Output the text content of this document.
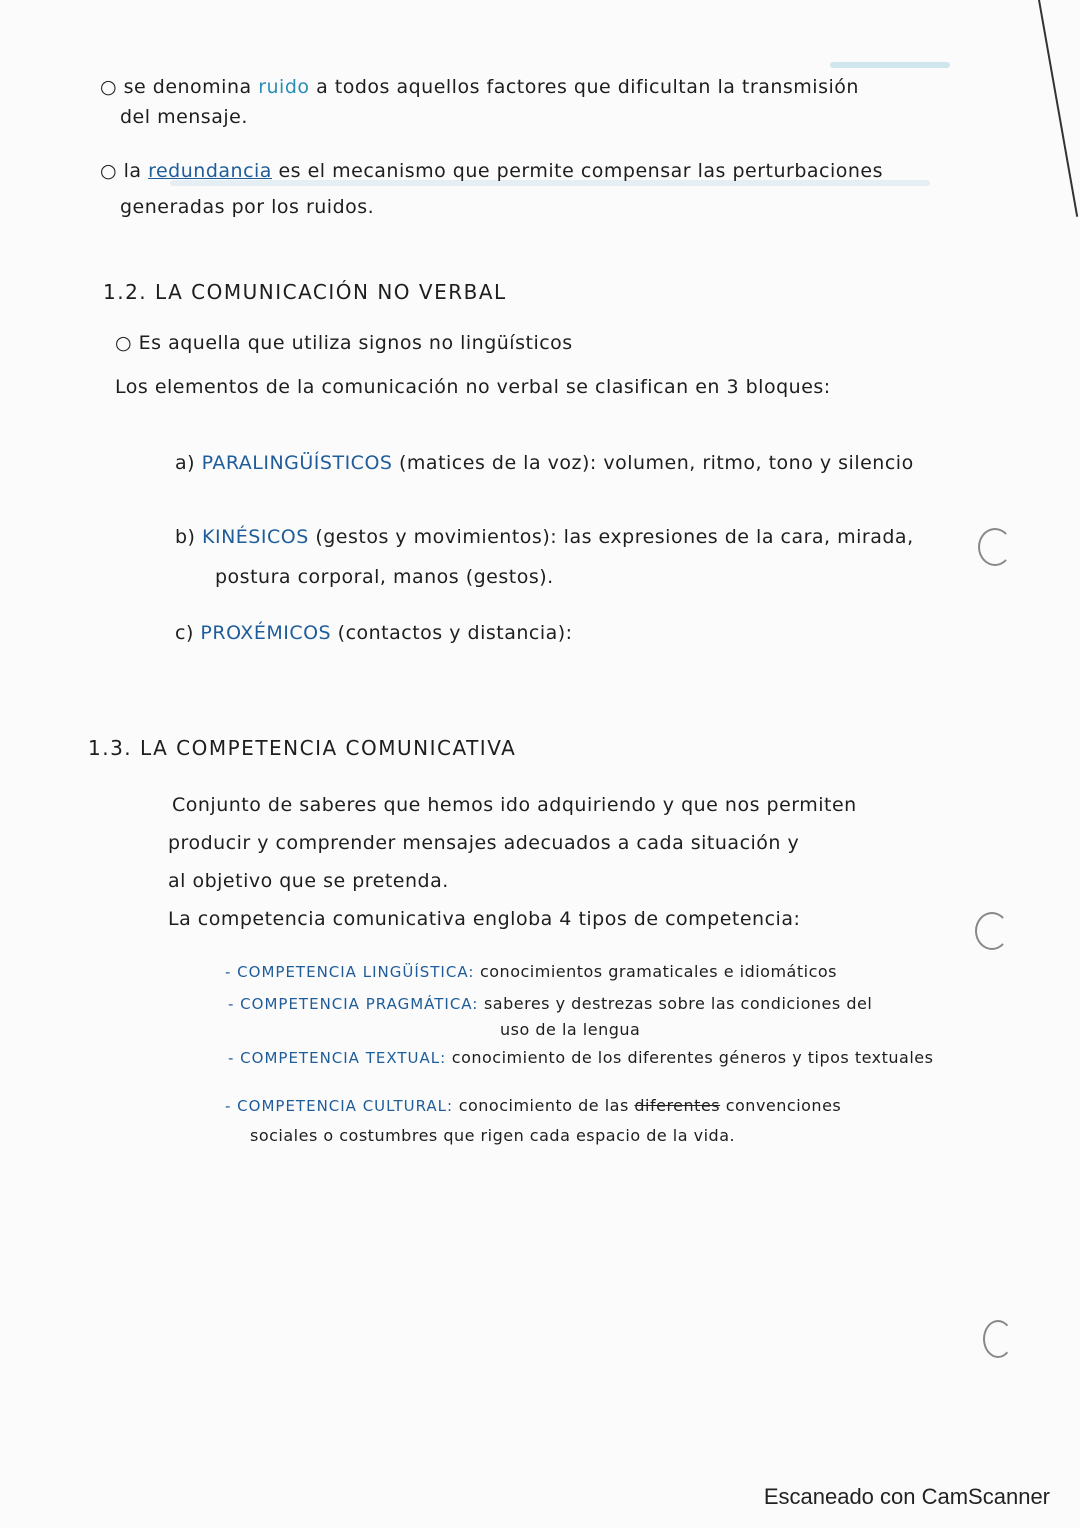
○ se denomina ruido a todos aquellos factores que dificultan la transmisión
del mensaje.
○ la redundancia es el mecanismo que permite compensar las perturbaciones
generadas por los ruidos.
1.2. LA COMUNICACIÓN NO VERBAL
○ Es aquella que utiliza signos no lingüísticos
Los elementos de la comunicación no verbal se clasifican en 3 bloques:
a) PARALINGÜÍSTICOS (matices de la voz): volumen, ritmo, tono y silencio
b) KINÉSICOS (gestos y movimientos): las expresiones de la cara, mirada,
postura corporal, manos (gestos).
c) PROXÉMICOS (contactos y distancia):
1.3. LA COMPETENCIA COMUNICATIVA
Conjunto de saberes que hemos ido adquiriendo y que nos permiten
producir y comprender mensajes adecuados a cada situación y
al objetivo que se pretenda.
La competencia comunicativa engloba 4 tipos de competencia:
- COMPETENCIA LINGÜÍSTICA: conocimientos gramaticales e idiomáticos
- COMPETENCIA PRAGMÁTICA: saberes y destrezas sobre las condiciones del
uso de la lengua
- COMPETENCIA TEXTUAL: conocimiento de los diferentes géneros y tipos textuales
- COMPETENCIA CULTURAL: conocimiento de las diferentes convenciones
sociales o costumbres que rigen cada espacio de la vida.
Escaneado con CamScanner
